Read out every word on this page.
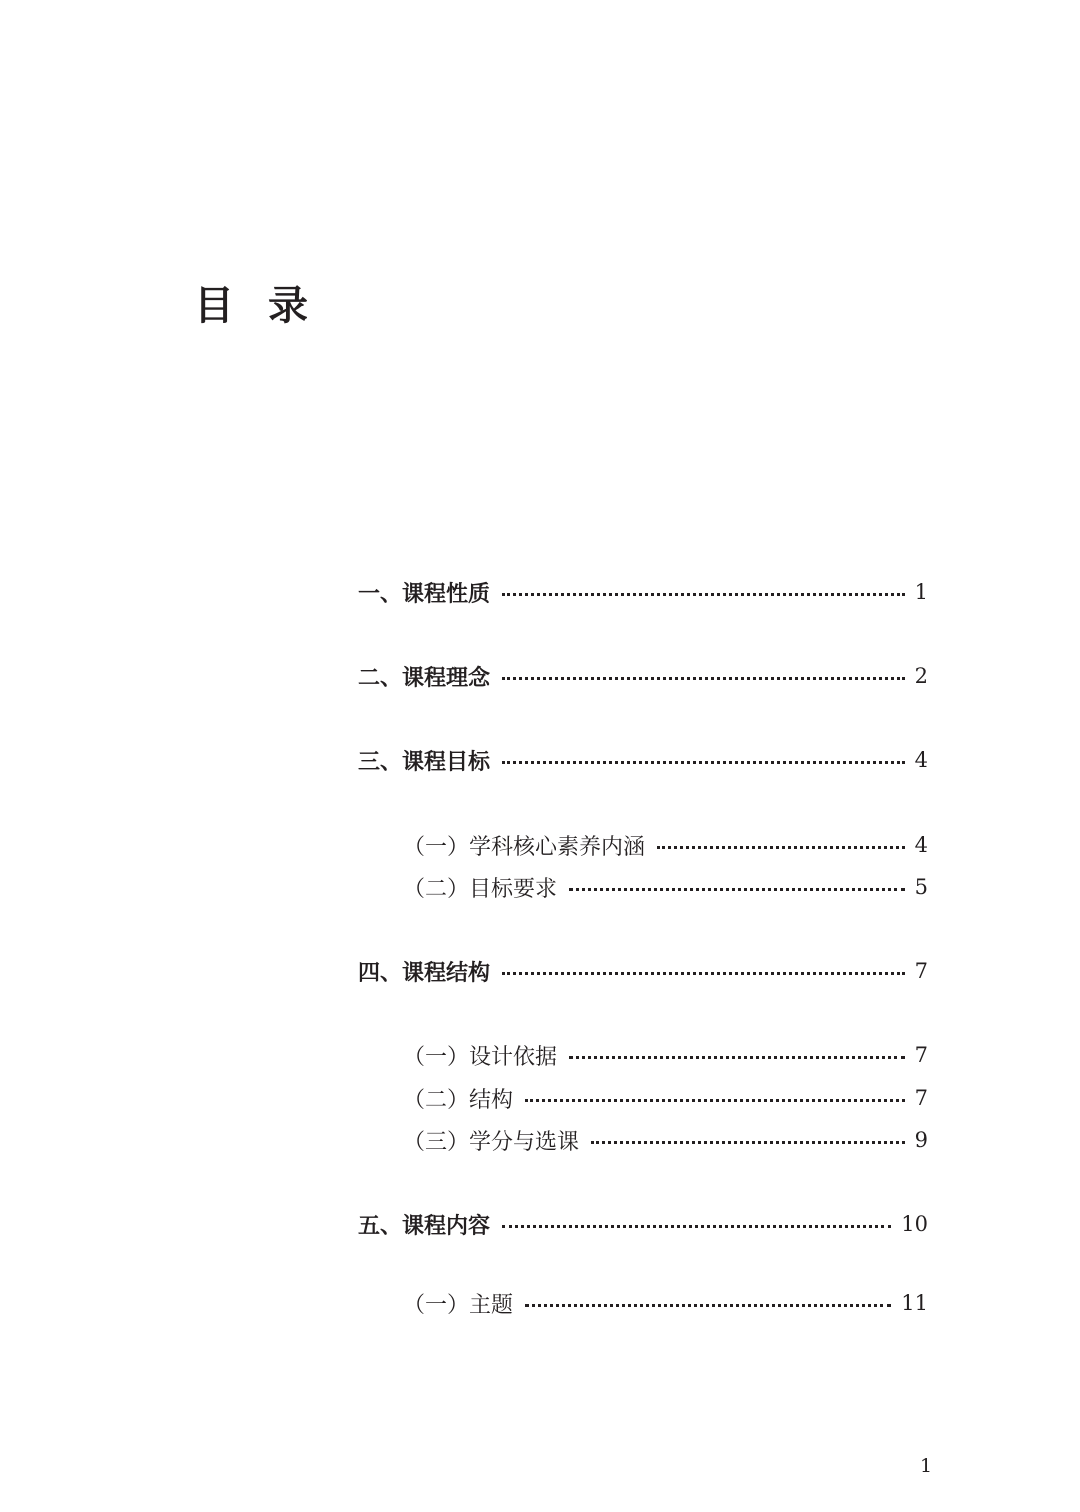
目录
一、课程性质	1
二、课程理念	2
三、课程目标	4
（一）学科核心素养内涵	4
（二）目标要求	5
四、课程结构	7
（一）设计依据	7
（二）结构	7
（三）学分与选课	9
五、课程内容	10
（一）主题	11
1
